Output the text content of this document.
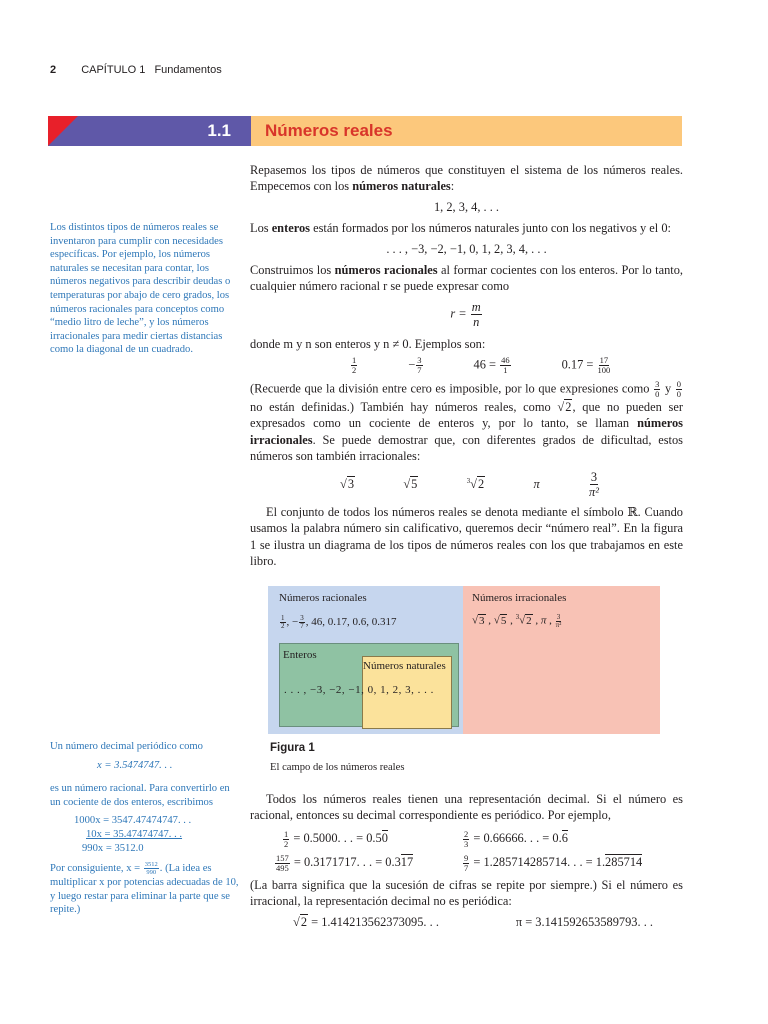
2 CAPÍTULO 1 Fundamentos
1.1 Números reales
Los distintos tipos de números reales se inventaron para cumplir con necesidades específicas. Por ejemplo, los números naturales se necesitan para contar, los números negativos para describir deudas o temperaturas por abajo de cero grados, los números racionales para conceptos como “medio litro de leche”, y los números irracionales para medir ciertas distancias como la diagonal de un cuadrado.
Un número decimal periódico como
x = 3.5474747. . .
es un número racional. Para convertirlo en un cociente de dos enteros, escribimos
1000x = 3547.47474747. . .
10x = 35.47474747. . .
990x = 3512.0
Por consiguiente, $x = \frac{3512}{990}$ . (La idea es multiplicar x por potencias adecuadas de 10, y luego restar para eliminar la parte que se repite.)
Repasemos los tipos de números que constituyen el sistema de los números reales. Empecemos con los números naturales:
1, 2, 3, 4, . . .
Los enteros están formados por los números naturales junto con los negativos y el 0:
. . . , −3, −2, −1, 0, 1, 2, 3, 4, . . .
Construimos los números racionales al formar cocientes con los enteros. Por lo tanto, cualquier número racional r se puede expresar como
$r = \frac{m}{n}$
donde m y n son enteros y n ≠ 0. Ejemplos son:
$\frac{1}{2}$	− $\frac{3}{7}$	$46 = \frac{46}{1}$	$0.17 = \frac{17}{100}$
(Recuerde que la división entre cero es imposible, por lo que expresiones como $\frac{3}{0}$ y $\frac{0}{0}$
no están definidas.) También hay números reales, como √2, que no pueden ser expresados como un cociente de enteros y, por lo tanto, se llaman números irracionales. Se puede demostrar que, con diferentes grados de dificultad, estos números son también irracionales:
√3	√5	$^3$√2	π	$\frac{3}{\text{π²}}$
El conjunto de todos los números reales se denota mediante el símbolo ℝ. Cuando usamos la palabra número sin calificativo, queremos decir “número real”. En la figura 1 se ilustra un diagrama de los tipos de números reales con los que trabajamos en este libro.
Números racionales
$\frac{1}{2}$ , − $\frac{3}{7}$ , 46, 0.17, 0.6, 0.317
Números irracionales
√3 , √5 , $^3$√2 , π , $\frac{3}{\text{π²}}$
Enteros
. . . , −3, −2, −1, 0, 1, 2, 3, . . .
Números naturales
Figura 1
El campo de los números reales
Todos los números reales tienen una representación decimal. Si el número es racional, entonces su decimal correspondiente es periódico. Por ejemplo,
$\frac{1}{2} = 0.5000$. . . = 0.50	$\frac{2}{3} = 0.66666$. . . = 0.6
$\frac{157}{495} = 0.3171717$. . . = 0.317	$\frac{9}{7} = 1.285714285714$. . . = 1.285714
(La barra significa que la sucesión de cifras se repite por siempre.) Si el número es irracional, la representación decimal no es periódica:
√2 = 1.414213562373095. . .	π = 3.141592653589793. . .
